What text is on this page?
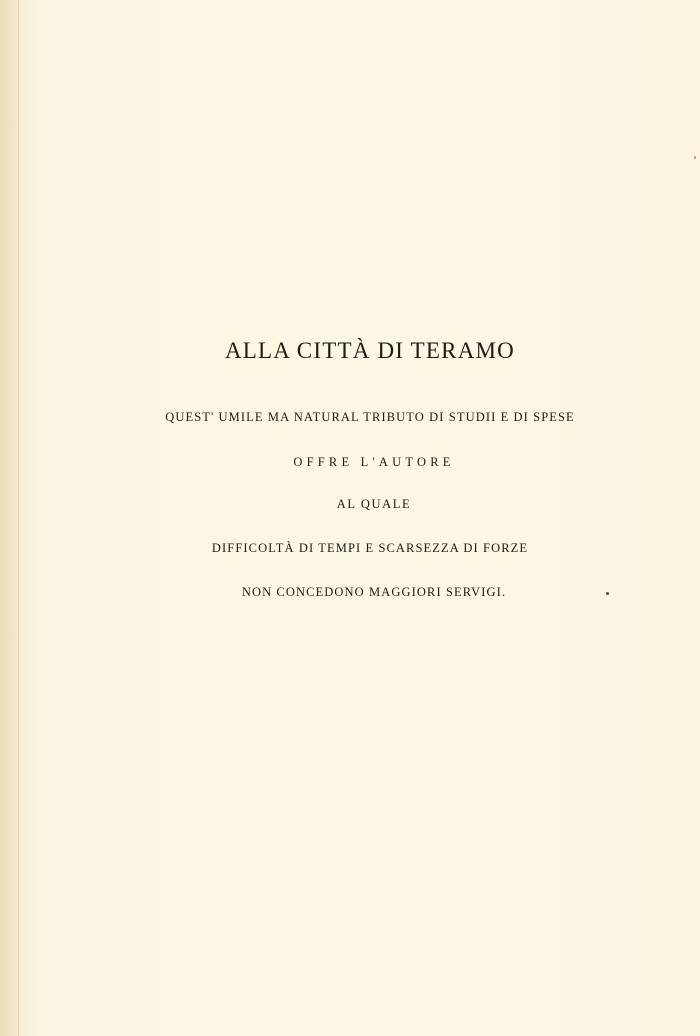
ALLA CITTÀ DI TERAMO
QUEST' UMILE MA NATURAL TRIBUTO DI STUDII E DI SPESE
OFFRE L'AUTORE
AL QUALE
DIFFICOLTÀ DI TEMPI E SCARSEZZA DI FORZE
NON CONCEDONO MAGGIORI SERVIGI.
